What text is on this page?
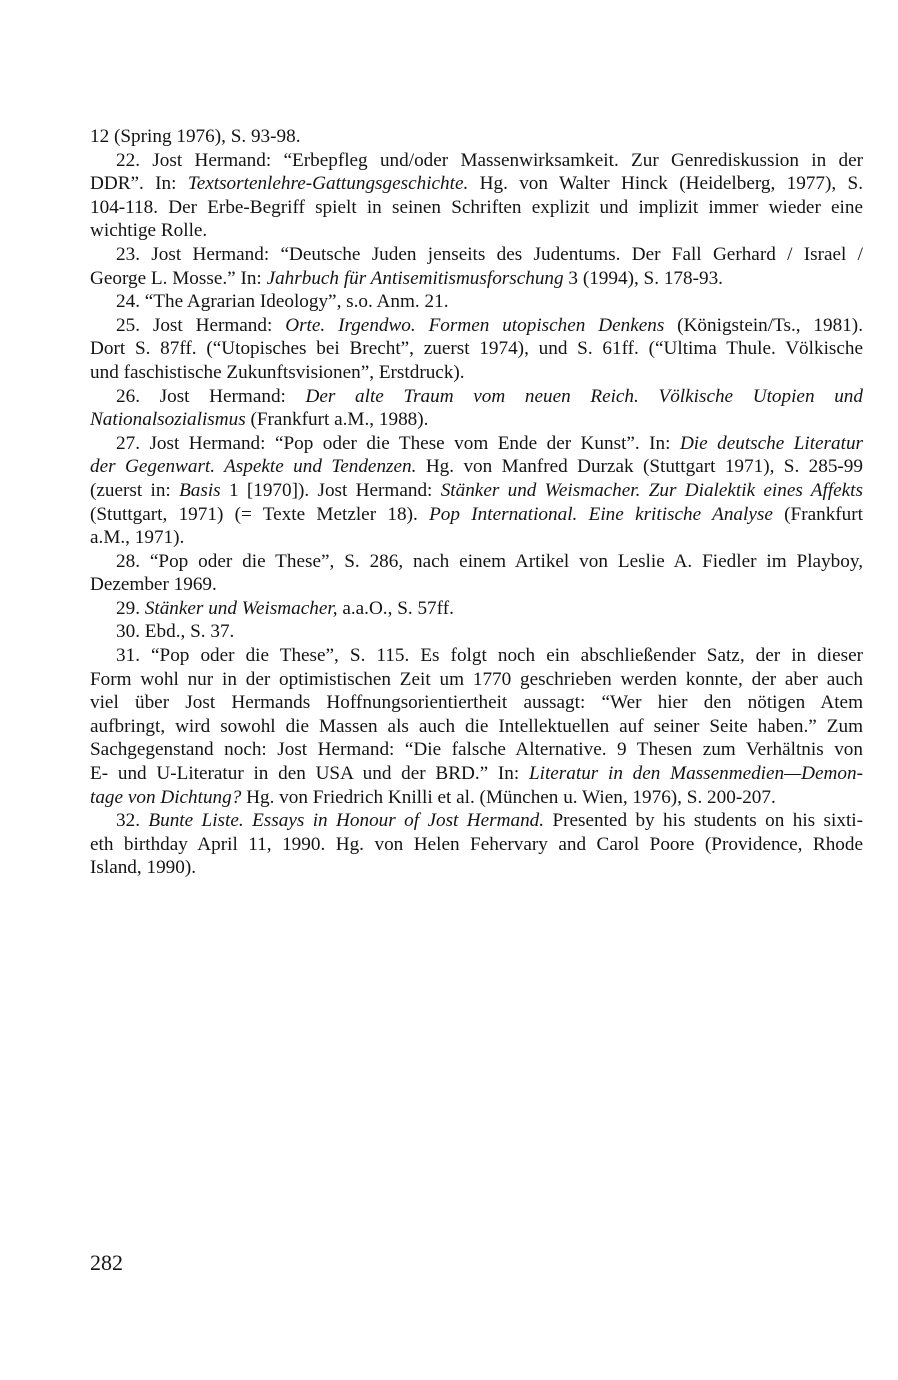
12 (Spring 1976), S. 93-98.
22. Jost Hermand: “Erbepfleg und/oder Massenwirksamkeit. Zur Genrediskussion in der
DDR”. In: Textsortenlehre-Gattungsgeschichte. Hg. von Walter Hinck (Heidelberg, 1977), S.
104-118. Der Erbe-Begriff spielt in seinen Schriften explizit und implizit immer wieder eine
wichtige Rolle.
23. Jost Hermand: “Deutsche Juden jenseits des Judentums. Der Fall Gerhard / Israel /
George L. Mosse.” In: Jahrbuch für Antisemitismusforschung 3 (1994), S. 178-93.
24. “The Agrarian Ideology”, s.o. Anm. 21.
25. Jost Hermand: Orte. Irgendwo. Formen utopischen Denkens (Königstein/Ts., 1981).
Dort S. 87ff. (“Utopisches bei Brecht”, zuerst 1974), und S. 61ff. (“Ultima Thule. Völkische
und faschistische Zukunftsvisionen”, Erstdruck).
26. Jost Hermand: Der alte Traum vom neuen Reich. Völkische Utopien und
Nationalsozialismus (Frankfurt a.M., 1988).
27. Jost Hermand: “Pop oder die These vom Ende der Kunst”. In: Die deutsche Literatur
der Gegenwart. Aspekte und Tendenzen. Hg. von Manfred Durzak (Stuttgart 1971), S. 285-99
(zuerst in: Basis 1 [1970]). Jost Hermand: Stänker und Weismacher. Zur Dialektik eines Affekts
(Stuttgart, 1971) (= Texte Metzler 18). Pop International. Eine kritische Analyse (Frankfurt
a.M., 1971).
28. “Pop oder die These”, S. 286, nach einem Artikel von Leslie A. Fiedler im Playboy,
Dezember 1969.
29. Stänker und Weismacher, a.a.O., S. 57ff.
30. Ebd., S. 37.
31. “Pop oder die These”, S. 115. Es folgt noch ein abschließender Satz, der in dieser
Form wohl nur in der optimistischen Zeit um 1770 geschrieben werden konnte, der aber auch
viel über Jost Hermands Hoffnungsorientiertheit aussagt: “Wer hier den nötigen Atem
aufbringt, wird sowohl die Massen als auch die Intellektuellen auf seiner Seite haben.” Zum
Sachgegenstand noch: Jost Hermand: “Die falsche Alternative. 9 Thesen zum Verhältnis von
E- und U-Literatur in den USA und der BRD.” In: Literatur in den Massenmedien—Demon-
tage von Dichtung? Hg. von Friedrich Knilli et al. (München u. Wien, 1976), S. 200-207.
32. Bunte Liste. Essays in Honour of Jost Hermand. Presented by his students on his sixti-
eth birthday April 11, 1990. Hg. von Helen Fehervary and Carol Poore (Providence, Rhode
Island, 1990).
282
